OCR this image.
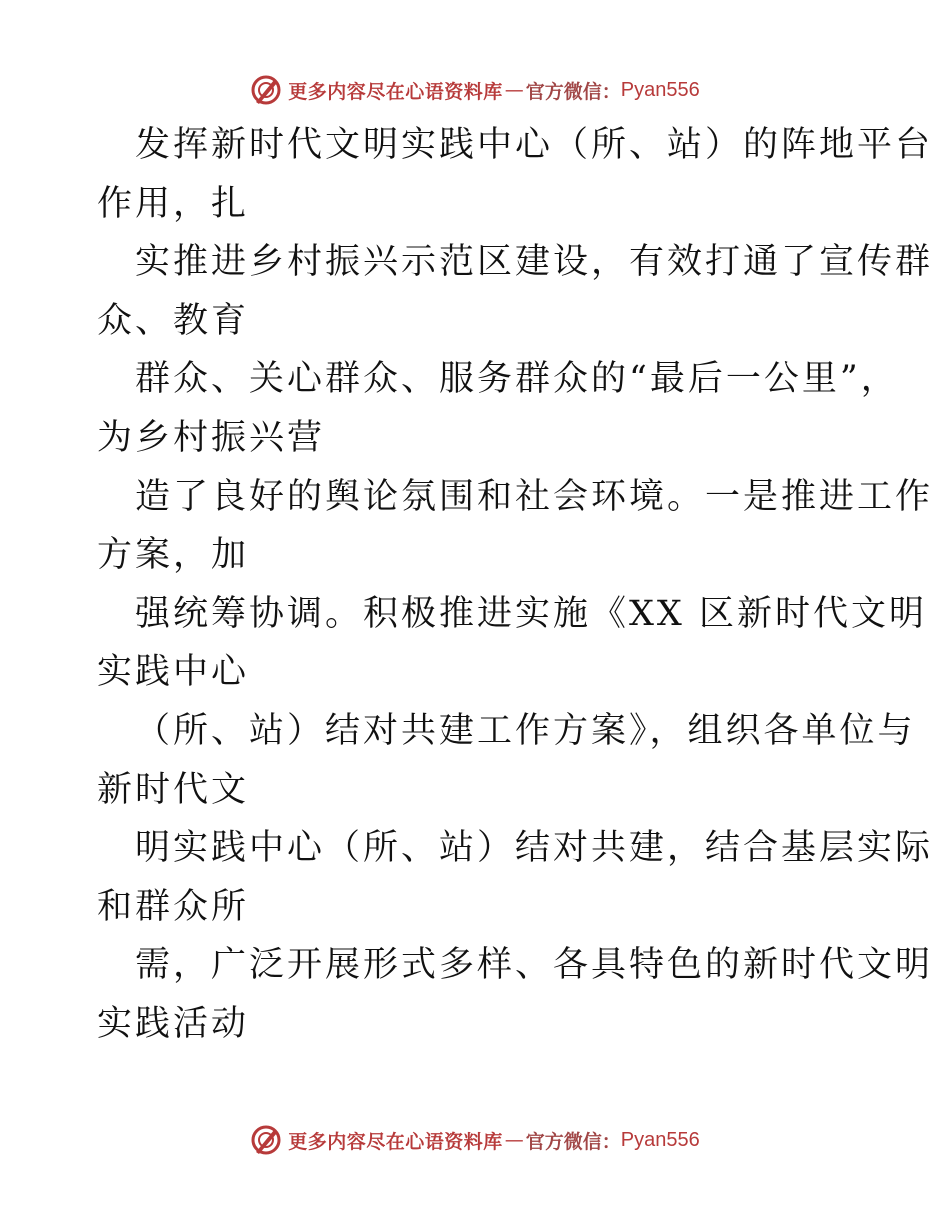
更多内容尽在心语资料库 — 官方微信： Pyan556
发挥新时代文明实践中心（所、站）的阵地平台
作用，扎
实推进乡村振兴示范区建设，有效打通了宣传群
众、教育
群众、关心群众、服务群众的“最后一公里”，
为乡村振兴营
造了良好的舆论氛围和社会环境。一是推进工作
方案，加
强统筹协调。积极推进实施《XX 区新时代文明
实践中心
（所、站）结对共建工作方案》，组织各单位与
新时代文
明实践中心（所、站）结对共建，结合基层实际
和群众所
需，广泛开展形式多样、各具特色的新时代文明
实践活动
更多内容尽在心语资料库 — 官方微信： Pyan556
